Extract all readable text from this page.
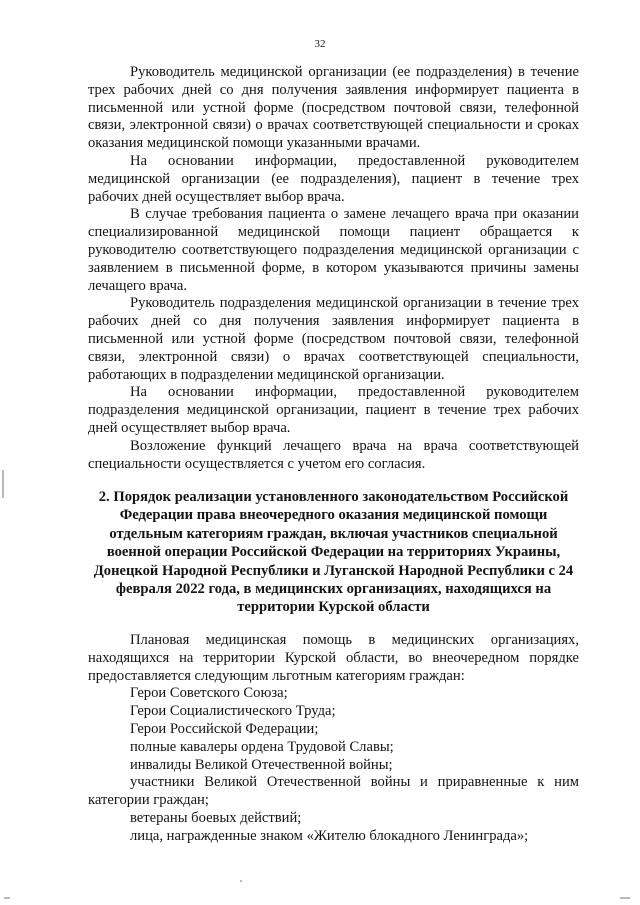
32

Руководитель медицинской организации (ее подразделения) в течение трех рабочих дней со дня получения заявления информирует пациента в письменной или устной форме (посредством почтовой связи, телефонной связи, электронной связи) о врачах соответствующей специальности и сроках оказания медицинской помощи указанными врачами.

На основании информации, предоставленной руководителем медицинской организации (ее подразделения), пациент в течение трех рабочих дней осуществляет выбор врача.

В случае требования пациента о замене лечащего врача при оказании специализированной медицинской помощи пациент обращается к руководителю соответствующего подразделения медицинской организации с заявлением в письменной форме, в котором указываются причины замены лечащего врача.

Руководитель подразделения медицинской организации в течение трех рабочих дней со дня получения заявления информирует пациента в письменной или устной форме (посредством почтовой связи, телефонной связи, электронной связи) о врачах соответствующей специальности, работающих в подразделении медицинской организации.

На основании информации, предоставленной руководителем подразделения медицинской организации, пациент в течение трех рабочих дней осуществляет выбор врача.

Возложение функций лечащего врача на врача соответствующей специальности осуществляется с учетом его согласия.

2. Порядок реализации установленного законодательством Российской Федерации права внеочередного оказания медицинской помощи отдельным категориям граждан, включая участников специальной военной операции Российской Федерации на территориях Украины, Донецкой Народной Республики и Луганской Народной Республики с 24 февраля 2022 года, в медицинских организациях, находящихся на территории Курской области

Плановая медицинская помощь в медицинских организациях, находящихся на территории Курской области, во внеочередном порядке предоставляется следующим льготным категориям граждан:

Герои Советского Союза;
Герои Социалистического Труда;
Герои Российской Федерации;
полные кавалеры ордена Трудовой Славы;
инвалиды Великой Отечественной войны;
участники Великой Отечественной войны и приравненные к ним категории граждан;
ветераны боевых действий;
лица, награжденные знаком «Жителю блокадного Ленинграда»;
